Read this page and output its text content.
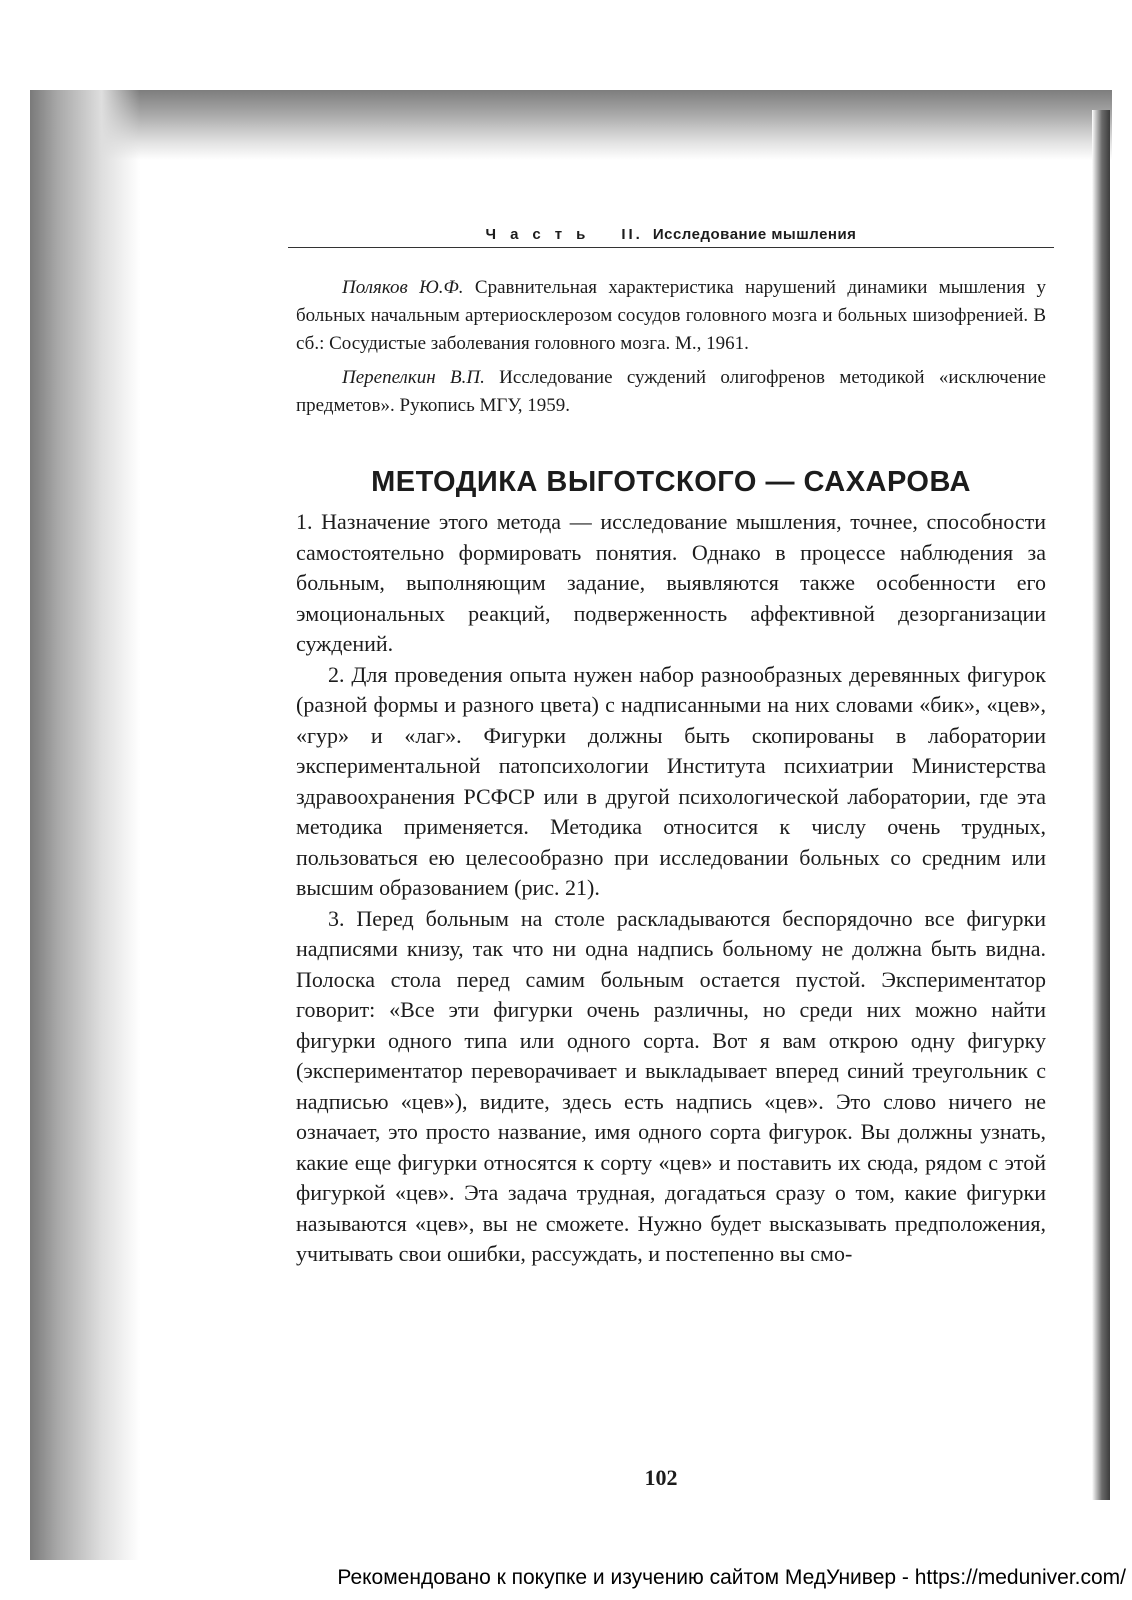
Часть II. Исследование мышления

Поляков Ю.Ф. Сравнительная характеристика нарушений динамики мышления у больных начальным артериосклерозом сосудов головного мозга и больных шизофренией. В сб.: Сосудистые заболевания головного мозга. М., 1961.

Перепелкин В.П. Исследование суждений олигофренов методикой «исключение предметов». Рукопись МГУ, 1959.

МЕТОДИКА ВЫГОТСКОГО — САХАРОВА

1. Назначение этого метода — исследование мышления, точнее, способности самостоятельно формировать понятия. Однако в процессе наблюдения за больным, выполняющим задание, выявляются также особенности его эмоциональных реакций, подверженность аффективной дезорганизации суждений.

2. Для проведения опыта нужен набор разнообразных деревянных фигурок (разной формы и разного цвета) с надписанными на них словами «бик», «цев», «гур» и «лаг». Фигурки должны быть скопированы в лаборатории экспериментальной патопсихологии Института психиатрии Министерства здравоохранения РСФСР или в другой психологической лаборатории, где эта методика применяется. Методика относится к числу очень трудных, пользоваться ею целесообразно при исследовании больных со средним или высшим образованием (рис. 21).

3. Перед больным на столе раскладываются беспорядочно все фигурки надписями книзу, так что ни одна надпись больному не должна быть видна. Полоска стола перед самим больным остается пустой. Экспериментатор говорит: «Все эти фигурки очень различны, но среди них можно найти фигурки одного типа или одного сорта. Вот я вам открою одну фигурку (экспериментатор переворачивает и выкладывает вперед синий треугольник с надписью «цев»), видите, здесь есть надпись «цев». Это слово ничего не означает, это просто название, имя одного сорта фигурок. Вы должны узнать, какие еще фигурки относятся к сорту «цев» и поставить их сюда, рядом с этой фигуркой «цев». Эта задача трудная, догадаться сразу о том, какие фигурки называются «цев», вы не сможете. Нужно будет высказывать предположения, учитывать свои ошибки, рассуждать, и постепенно вы смо-

102
Рекомендовано к покупке и изучению сайтом МедУнивер - https://meduniver.com/
